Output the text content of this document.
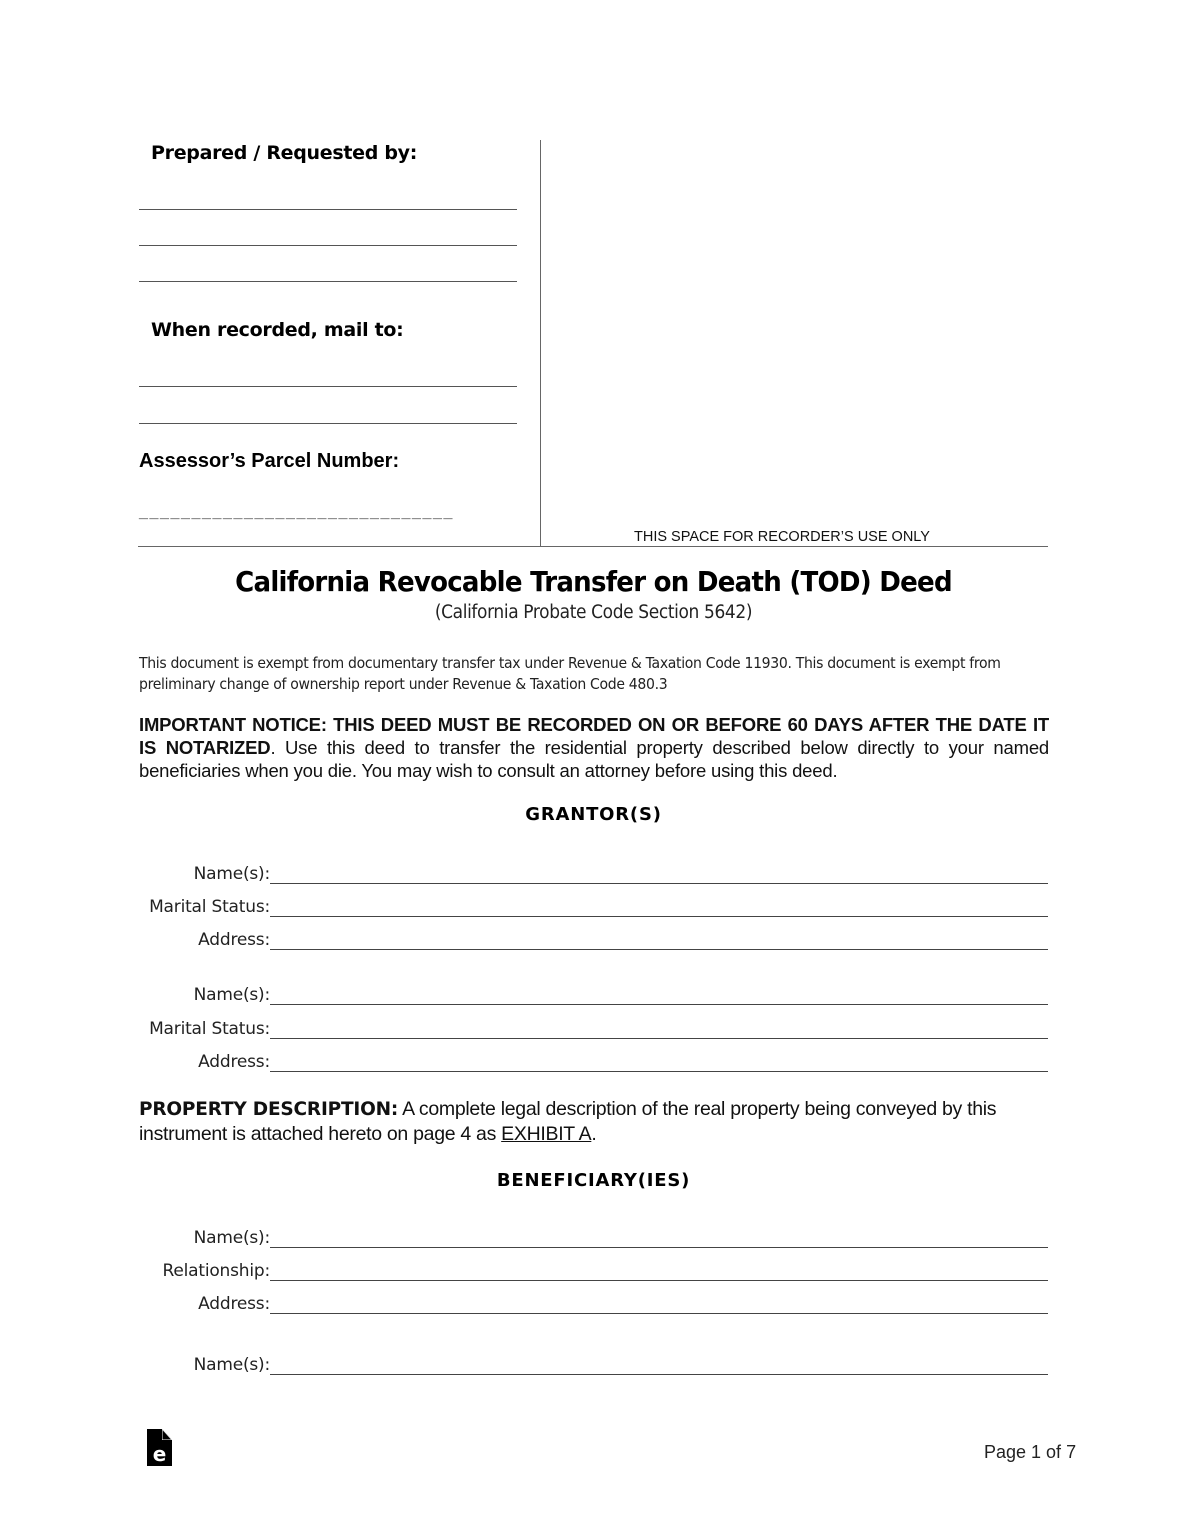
Prepared / Requested by:
When recorded, mail to:
Assessor’s Parcel Number:
______________________________
THIS SPACE FOR RECORDER’S USE ONLY
California Revocable Transfer on Death (TOD) Deed
(California Probate Code Section 5642)
This document is exempt from documentary transfer tax under Revenue & Taxation Code 11930. This document is exempt from preliminary change of ownership report under Revenue & Taxation Code 480.3
IMPORTANT NOTICE: THIS DEED MUST BE RECORDED ON OR BEFORE 60 DAYS AFTER THE DATE IT IS NOTARIZED. Use this deed to transfer the residential property described below directly to your named beneficiaries when you die. You may wish to consult an attorney before using this deed.
GRANTOR(S)
Name(s):
Marital Status:
Address:
Name(s):
Marital Status:
Address:
PROPERTY DESCRIPTION: A complete legal description of the real property being conveyed by this instrument is attached hereto on page 4 as EXHIBIT A.
BENEFICIARY(IES)
Name(s):
Relationship:
Address:
Name(s):
e	Page 1 of 7
